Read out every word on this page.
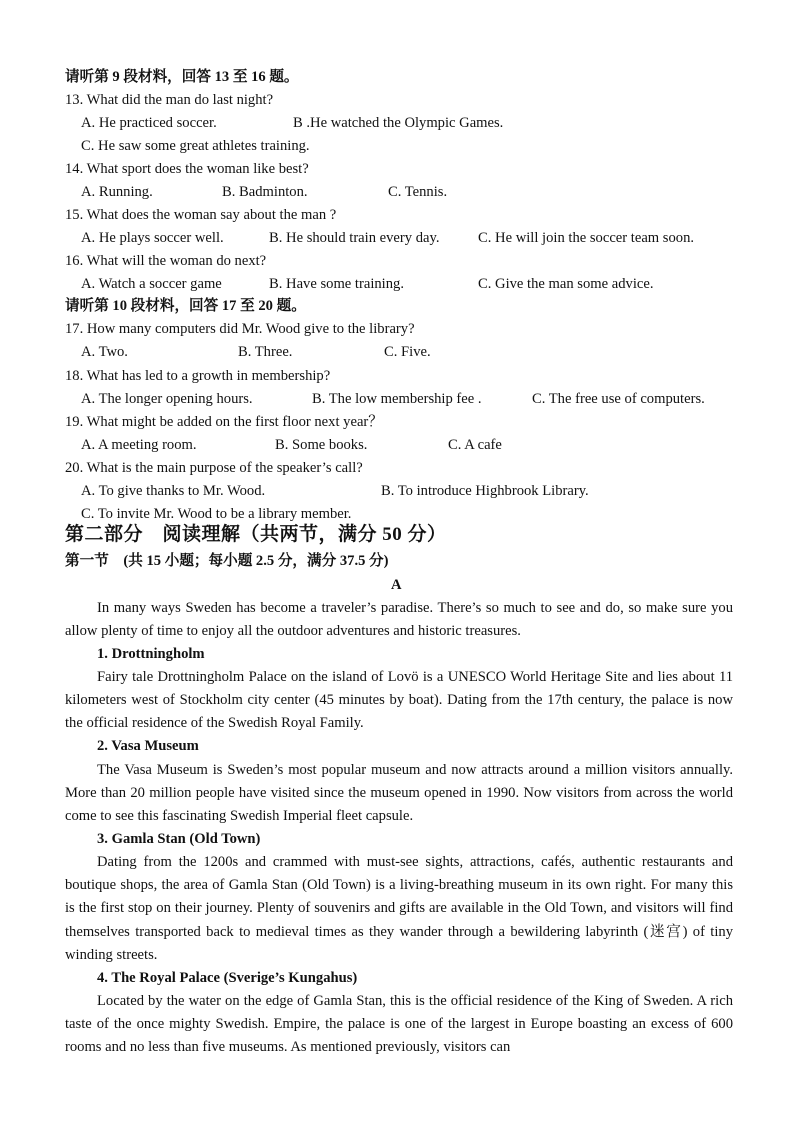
请听第 9 段材料，回答 13 至 16 题。
13. What did the man do last night?
A. He practiced soccer.	B .He watched the Olympic Games.
C. He saw some great athletes training.
14. What sport does the woman like best?
A. Running.	B. Badminton.	C. Tennis.
15. What does the woman say about the man ?
A. He plays soccer well.	B. He should train every day.	C. He will join the soccer team soon.
16. What will the woman do next?
A. Watch a soccer game	B. Have some training.	C. Give the man some advice.
请听第 10 段材料，回答 17 至 20 题。
17. How many computers did Mr. Wood give to the library?
A. Two.	B. Three.	C. Five.
18. What has led to a growth in membership?
A. The longer opening hours.	B. The low membership fee .	C. The free use of computers.
19. What might be added on the first floor next year？
A. A meeting room.	B. Some books.	C. A cafe
20. What is the main purpose of the speaker’s call?
A. To give thanks to Mr. Wood.	B. To introduce Highbrook Library.
C. To invite Mr. Wood to be a library member.
第二部分　阅读理解（共两节，满分 50 分）
第一节　(共 15 小题；每小题 2.5 分，满分 37.5 分)
A

In many ways Sweden has become a traveler’s paradise. There’s so much to see and do, so make sure you allow plenty of time to enjoy all the outdoor adventures and historic treasures.

1. Drottningholm

Fairy tale Drottningholm Palace on the island of Lovö is a UNESCO World Heritage Site and lies about 11 kilometers west of Stockholm city center (45 minutes by boat). Dating from the 17th century, the palace is now the official residence of the Swedish Royal Family.

2. Vasa Museum

The Vasa Museum is Sweden’s most popular museum and now attracts around a million visitors annually. More than 20 million people have visited since the museum opened in 1990. Now visitors from across the world come to see this fascinating Swedish Imperial fleet capsule.

3. Gamla Stan (Old Town)

Dating from the 1200s and crammed with must-see sights, attractions, cafés, authentic restaurants and boutique shops, the area of Gamla Stan (Old Town) is a living-breathing museum in its own right. For many this is the first stop on their journey. Plenty of souvenirs and gifts are available in the Old Town, and visitors will find themselves transported back to medieval times as they wander through a bewildering labyrinth (迷宫) of tiny winding streets.

4. The Royal Palace (Sverige’s Kungahus)

Located by the water on the edge of Gamla Stan, this is the official residence of the King of Sweden. A rich taste of the once mighty Swedish. Empire, the palace is one of the largest in Europe boasting an excess of 600 rooms and no less than five museums. As mentioned previously, visitors can
